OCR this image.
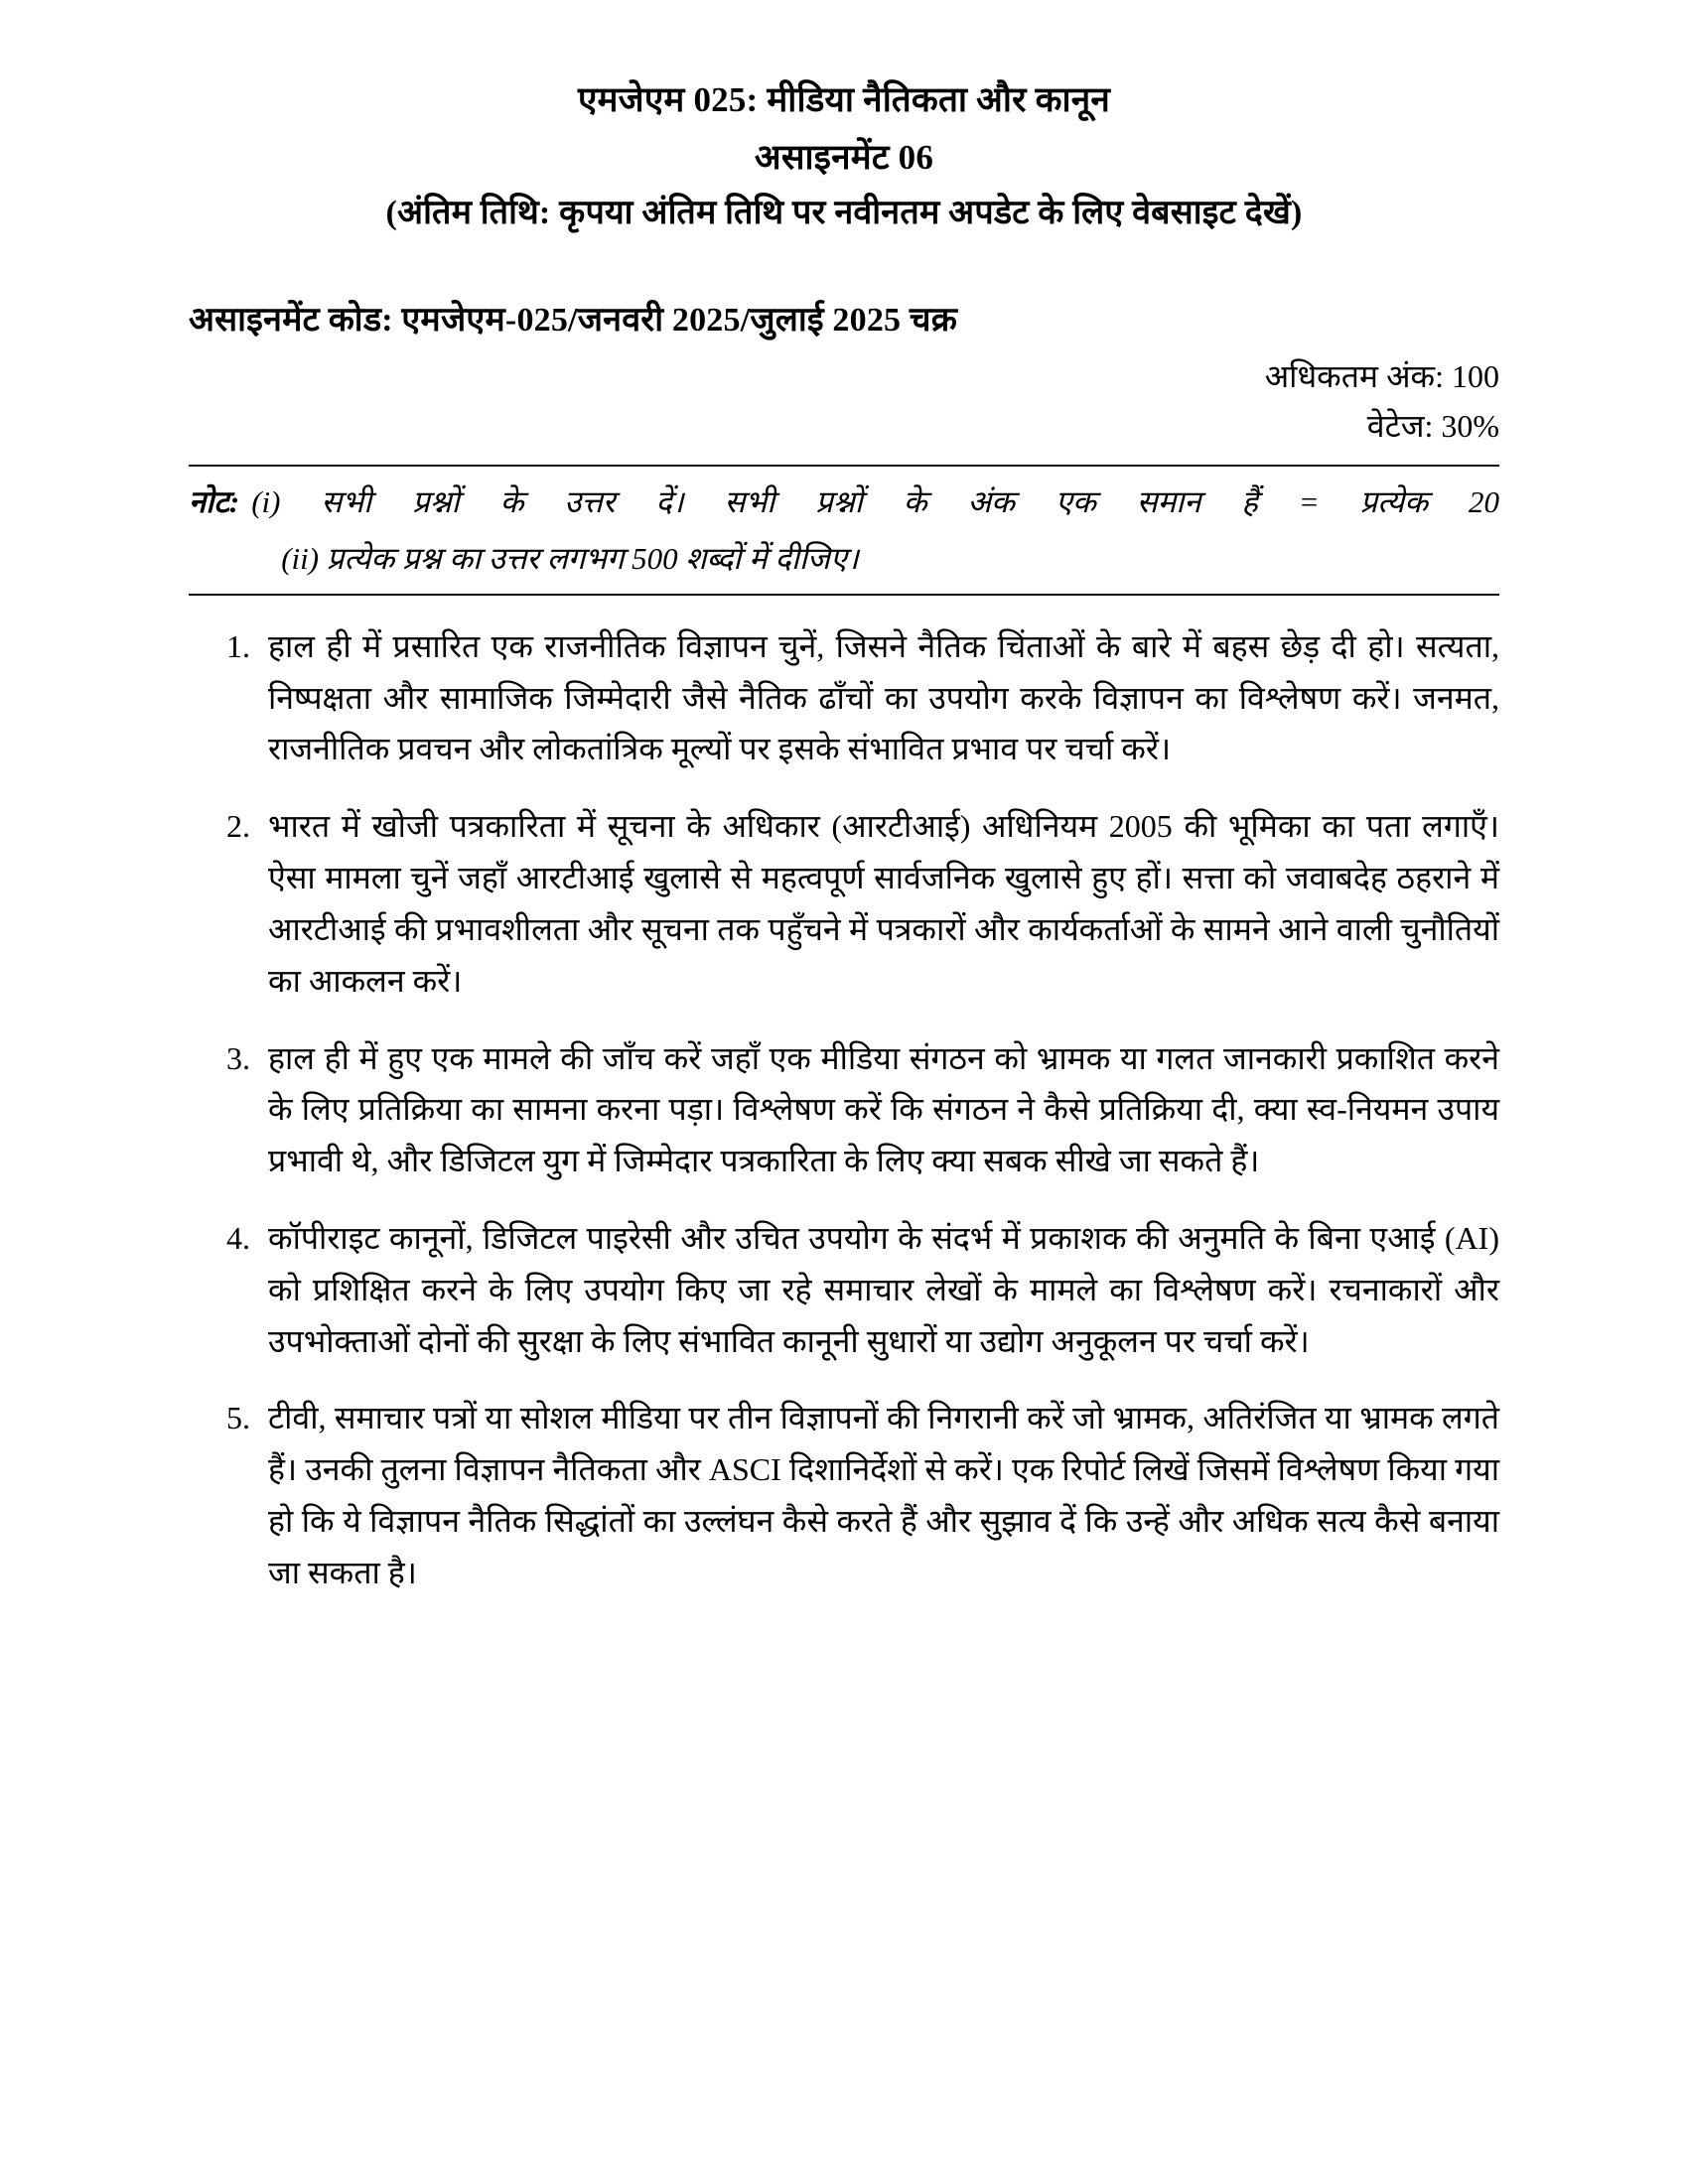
एमजेएम 025: मीडिया नैतिकता और कानून
असाइनमेंट 06
(अंतिम तिथि: कृपया अंतिम तिथि पर नवीनतम अपडेट के लिए वेबसाइट देखें)
असाइनमेंट कोड: एमजेएम-025/जनवरी 2025/जुलाई 2025 चक्र
अधिकतम अंक: 100
वेटेज: 30%
नोट: (i) सभी प्रश्नों के उत्तर दें। सभी प्रश्नों के अंक एक समान हैं = प्रत्येक 20
(ii) प्रत्येक प्रश्न का उत्तर लगभग 500 शब्दों में दीजिए।
1. हाल ही में प्रसारित एक राजनीतिक विज्ञापन चुनें, जिसने नैतिक चिंताओं के बारे में बहस छेड़ दी हो। सत्यता, निष्पक्षता और सामाजिक जिम्मेदारी जैसे नैतिक ढाँचों का उपयोग करके विज्ञापन का विश्लेषण करें। जनमत, राजनीतिक प्रवचन और लोकतांत्रिक मूल्यों पर इसके संभावित प्रभाव पर चर्चा करें।
2. भारत में खोजी पत्रकारिता में सूचना के अधिकार (आरटीआई) अधिनियम 2005 की भूमिका का पता लगाएँ। ऐसा मामला चुनें जहाँ आरटीआई खुलासे से महत्वपूर्ण सार्वजनिक खुलासे हुए हों। सत्ता को जवाबदेह ठहराने में आरटीआई की प्रभावशीलता और सूचना तक पहुँचने में पत्रकारों और कार्यकर्ताओं के सामने आने वाली चुनौतियों का आकलन करें।
3. हाल ही में हुए एक मामले की जाँच करें जहाँ एक मीडिया संगठन को भ्रामक या गलत जानकारी प्रकाशित करने के लिए प्रतिक्रिया का सामना करना पड़ा। विश्लेषण करें कि संगठन ने कैसे प्रतिक्रिया दी, क्या स्व-नियमन उपाय प्रभावी थे, और डिजिटल युग में जिम्मेदार पत्रकारिता के लिए क्या सबक सीखे जा सकते हैं।
4. कॉपीराइट कानूनों, डिजिटल पाइरेसी और उचित उपयोग के संदर्भ में प्रकाशक की अनुमति के बिना एआई (AI) को प्रशिक्षित करने के लिए उपयोग किए जा रहे समाचार लेखों के मामले का विश्लेषण करें। रचनाकारों और उपभोक्ताओं दोनों की सुरक्षा के लिए संभावित कानूनी सुधारों या उद्योग अनुकूलन पर चर्चा करें।
5. टीवी, समाचार पत्रों या सोशल मीडिया पर तीन विज्ञापनों की निगरानी करें जो भ्रामक, अतिरंजित या भ्रामक लगते हैं। उनकी तुलना विज्ञापन नैतिकता और ASCI दिशानिर्देशों से करें। एक रिपोर्ट लिखें जिसमें विश्लेषण किया गया हो कि ये विज्ञापन नैतिक सिद्धांतों का उल्लंघन कैसे करते हैं और सुझाव दें कि उन्हें और अधिक सत्य कैसे बनाया जा सकता है।
